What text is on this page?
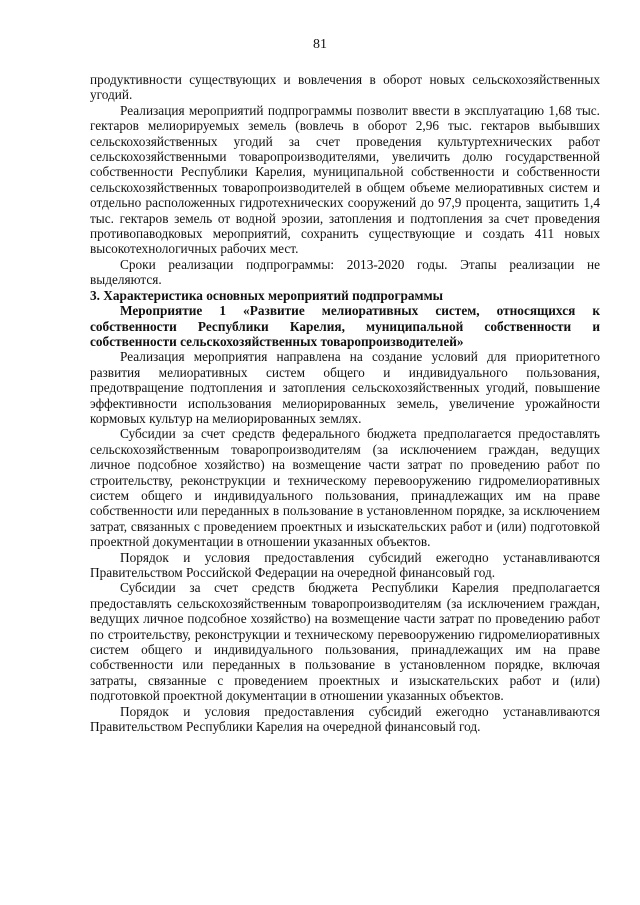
81

продуктивности существующих и вовлечения в оборот новых сельскохозяйственных угодий.

Реализация мероприятий подпрограммы позволит ввести в эксплуатацию 1,68 тыс. гектаров мелиорируемых земель (вовлечь в оборот 2,96 тыс. гектаров выбывших сельскохозяйственных угодий за счет проведения культуртехнических работ сельскохозяйственными товаропроизводителями, увеличить долю государственной собственности Республики Карелия, муниципальной собственности и собственности сельскохозяйственных товаропроизводителей в общем объеме мелиоративных систем и отдельно расположенных гидротехнических сооружений до 97,9 процента, защитить 1,4 тыс. гектаров земель от водной эрозии, затопления и подтопления за счет проведения противопаводковых мероприятий, сохранить существующие и создать 411 новых высокотехнологичных рабочих мест.

Сроки реализации подпрограммы: 2013-2020 годы. Этапы реализации не выделяются.

3. Характеристика основных мероприятий подпрограммы

Мероприятие 1 «Развитие мелиоративных систем, относящихся к собственности Республики Карелия, муниципальной собственности и собственности сельскохозяйственных товаропроизводителей»

Реализация мероприятия направлена на создание условий для приоритетного развития мелиоративных систем общего и индивидуального пользования, предотвращение подтопления и затопления сельскохозяйственных угодий, повышение эффективности использования мелиорированных земель, увеличение урожайности кормовых культур на мелиорированных землях.

Субсидии за счет средств федерального бюджета предполагается предоставлять сельскохозяйственным товаропроизводителям (за исключением граждан, ведущих личное подсобное хозяйство) на возмещение части затрат по проведению работ по строительству, реконструкции и техническому перевооружению гидромелиоративных систем общего и индивидуального пользования, принадлежащих им на праве собственности или переданных в пользование в установленном порядке, за исключением затрат, связанных с проведением проектных и изыскательских работ и (или) подготовкой проектной документации в отношении указанных объектов.

Порядок и условия предоставления субсидий ежегодно устанавливаются Правительством Российской Федерации на очередной финансовый год.

Субсидии за счет средств бюджета Республики Карелия предполагается предоставлять сельскохозяйственным товаропроизводителям (за исключением граждан, ведущих личное подсобное хозяйство) на возмещение части затрат по проведению работ по строительству, реконструкции и техническому перевооружению гидромелиоративных систем общего и индивидуального пользования, принадлежащих им на праве собственности или переданных в пользование в установленном порядке, включая затраты, связанные с проведением проектных и изыскательских работ и (или) подготовкой проектной документации в отношении указанных объектов.

Порядок и условия предоставления субсидий ежегодно устанавливаются Правительством Республики Карелия на очередной финансовый год.
